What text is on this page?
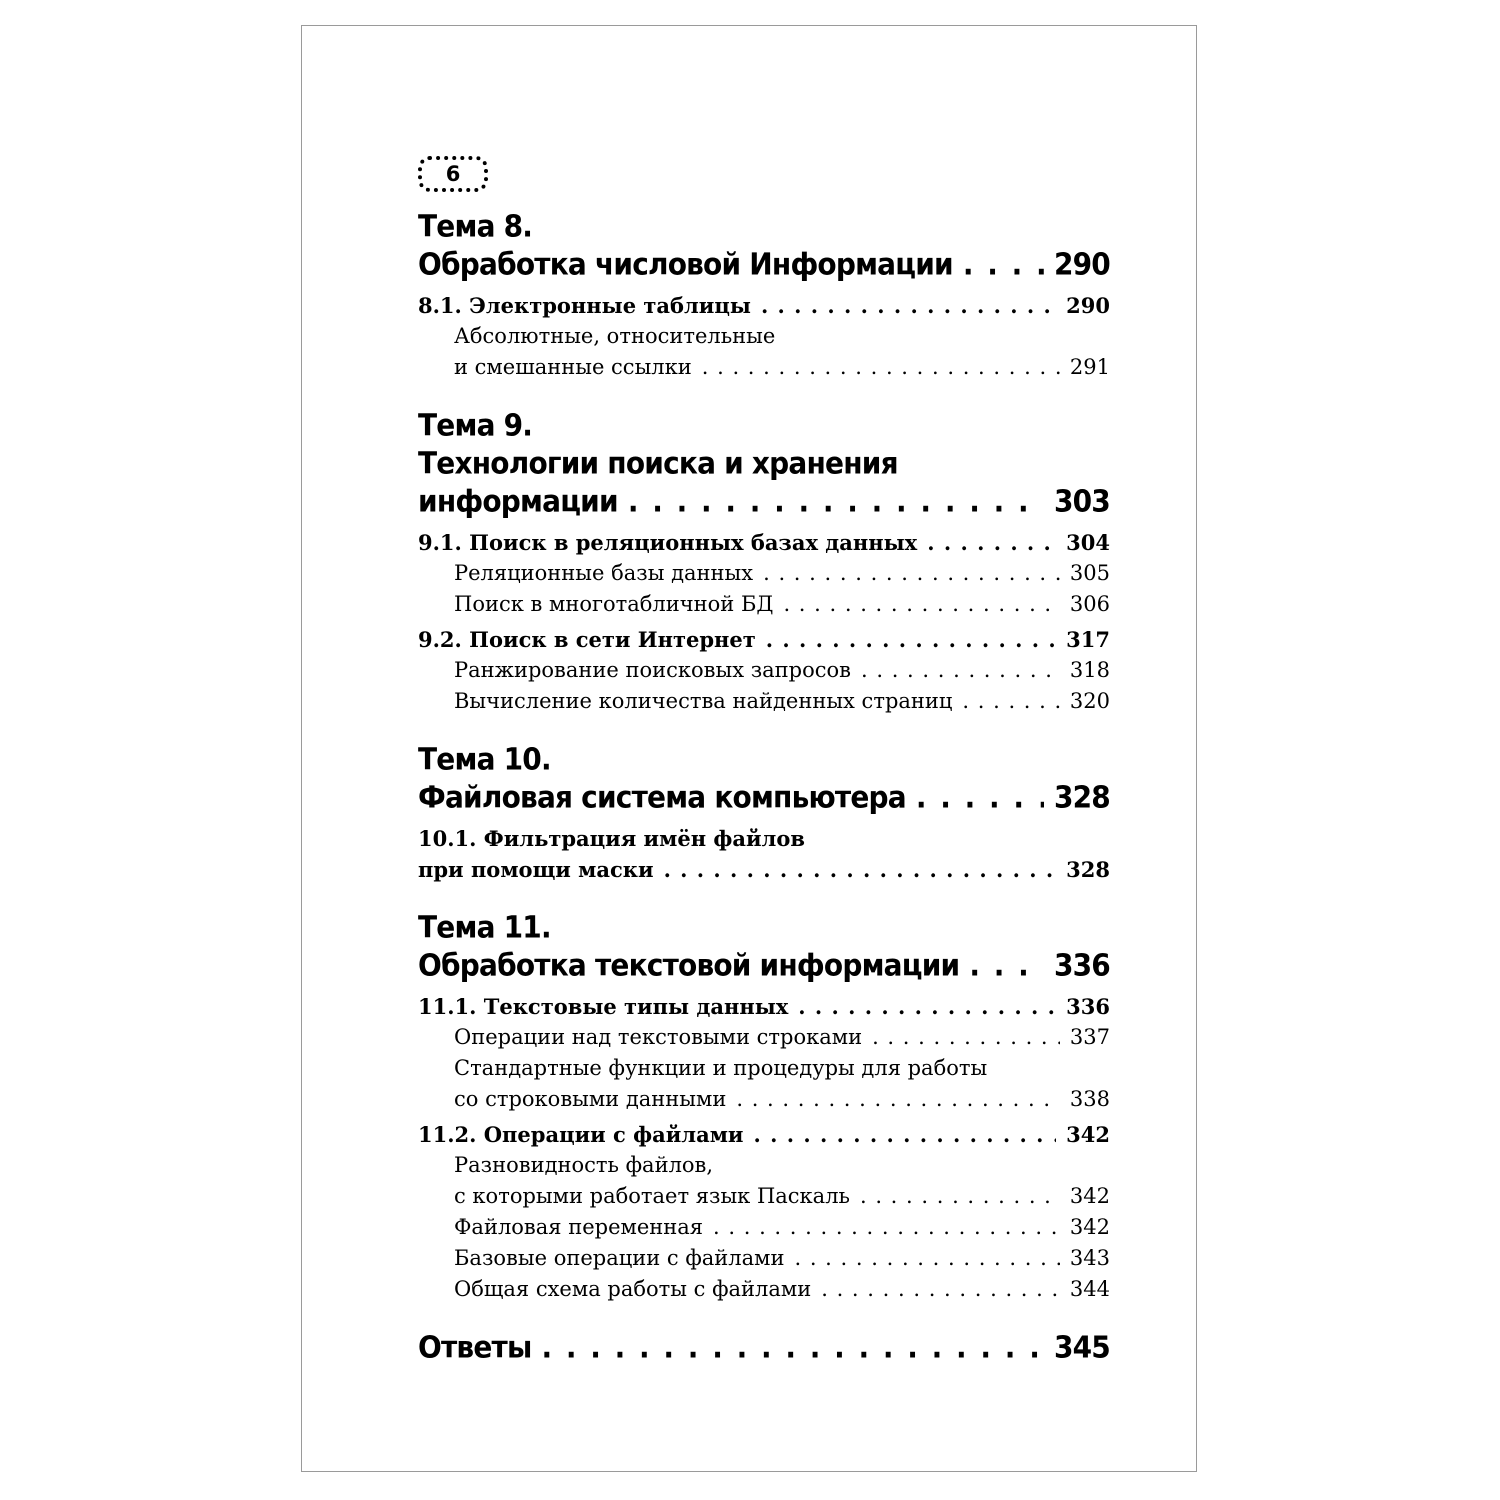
6
Тема 8.
Обработка числовой Информации . . .	290
8.1. Электронные таблицы . . .	290
Абсолютные, относительные
и смешанные ссылки . . .	291
Тема 9.
Технологии поиска и хранения
информации . . .	303
9.1. Поиск в реляционных базах данных . . .	304
Реляционные базы данных . . .	305
Поиск в многотабличной БД . . .	306
9.2. Поиск в сети Интернет . . .	317
Ранжирование поисковых запросов . . .	318
Вычисление количества найденных страниц . . .	320
Тема 10.
Файловая система компьютера . . .	328
10.1. Фильтрация имён файлов
при помощи маски . . .	328
Тема 11.
Обработка текстовой информации . . .	336
11.1. Текстовые типы данных . . .	336
Операции над текстовыми строками . . .	337
Стандартные функции и процедуры для работы
со строковыми данными . . .	338
11.2. Операции с файлами . . .	342
Разновидность файлов,
с которыми работает язык Паскаль . . .	342
Файловая переменная . . .	342
Базовые операции с файлами . . .	343
Общая схема работы с файлами . . .	344
Ответы . . .	345
